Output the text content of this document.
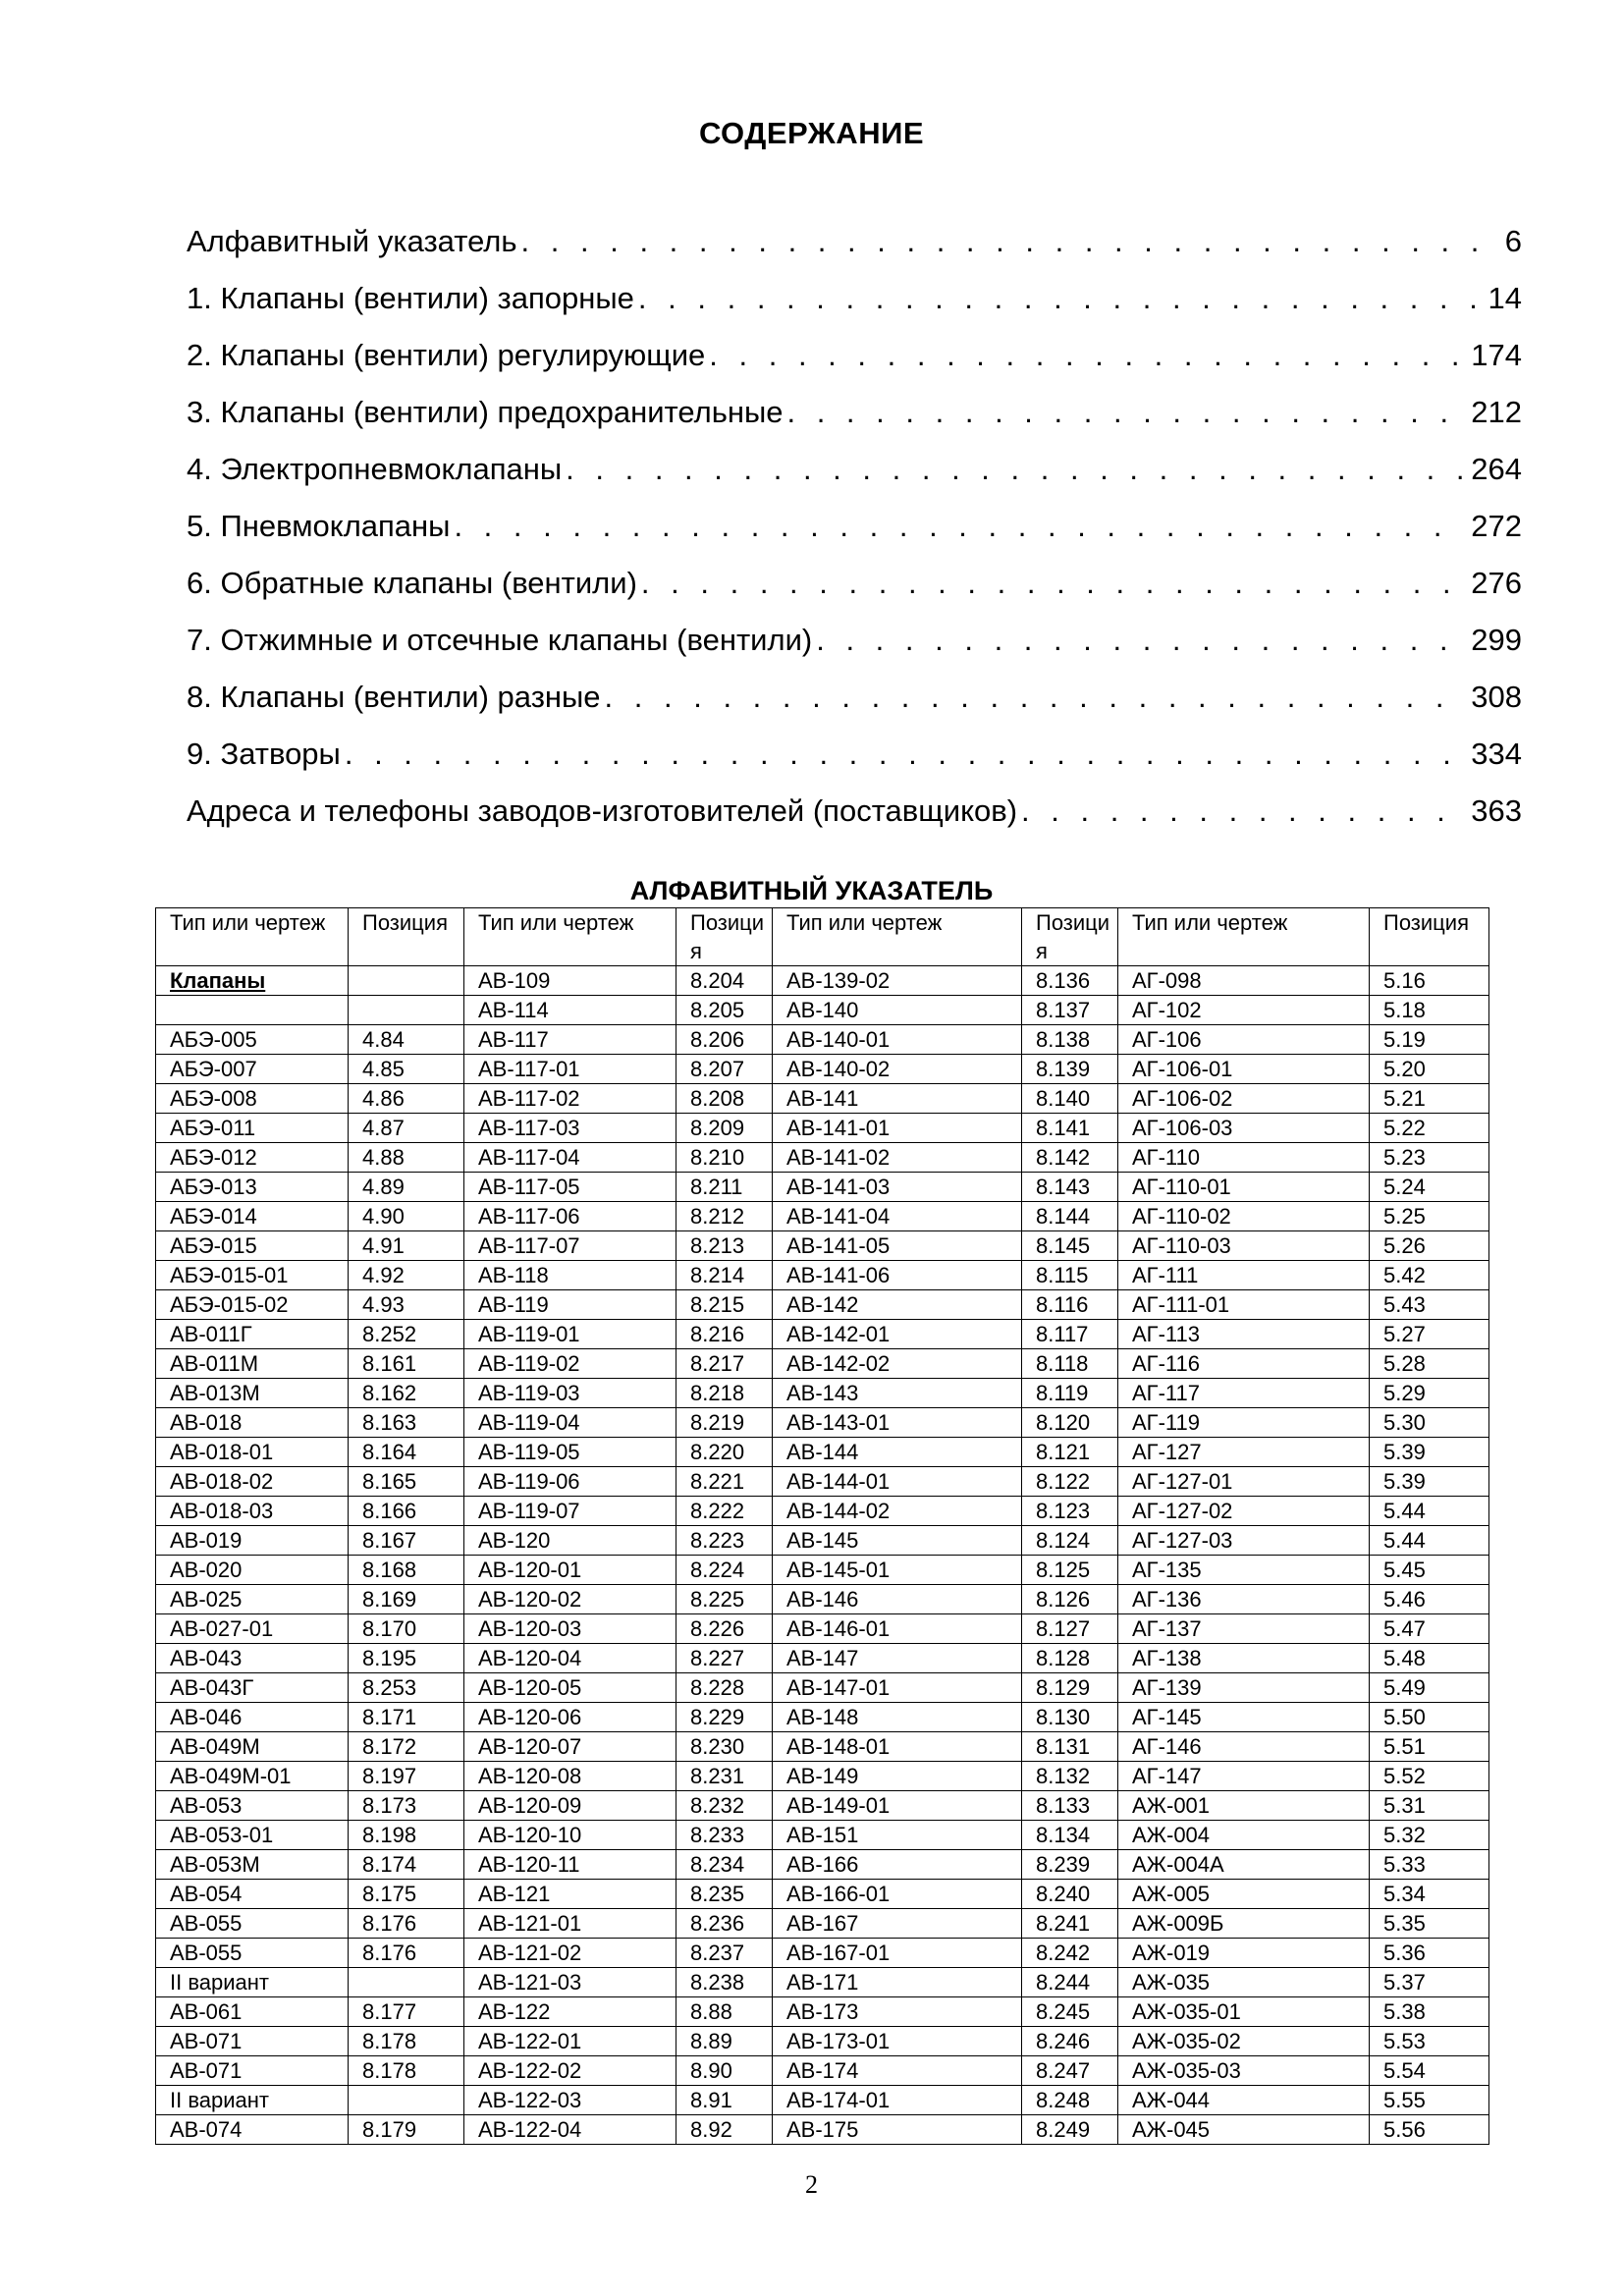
СОДЕРЖАНИЕ
Алфавитный указатель . . .	6
1. Клапаны (вентили) запорные . . .	14
2. Клапаны (вентили) регулирующие . . .	174
3. Клапаны (вентили) предохранительные . . .	212
4. Электропневмоклапаны . . .	264
5. Пневмоклапаны . . .	272
6. Обратные клапаны (вентили) . . .	276
7. Отжимные и отсечные клапаны (вентили) . . .	299
8. Клапаны (вентили) разные . . .	308
9. Затворы . . .	334
Адреса и телефоны заводов-изготовителей (поставщиков) . . .	363
АЛФАВИТНЫЙ УКАЗАТЕЛЬ
Тип или чертеж	Позиция	Тип или чертеж	Позиция	Тип или чертеж	Позиция	Тип или чертеж	Позиция
Клапаны		АВ-109	8.204	АВ-139-02	8.136	АГ-098	5.16
		АВ-114	8.205	АВ-140	8.137	АГ-102	5.18
АБЭ-005	4.84	АВ-117	8.206	АВ-140-01	8.138	АГ-106	5.19
АБЭ-007	4.85	АВ-117-01	8.207	АВ-140-02	8.139	АГ-106-01	5.20
АБЭ-008	4.86	АВ-117-02	8.208	АВ-141	8.140	АГ-106-02	5.21
АБЭ-011	4.87	АВ-117-03	8.209	АВ-141-01	8.141	АГ-106-03	5.22
АБЭ-012	4.88	АВ-117-04	8.210	АВ-141-02	8.142	АГ-110	5.23
АБЭ-013	4.89	АВ-117-05	8.211	АВ-141-03	8.143	АГ-110-01	5.24
АБЭ-014	4.90	АВ-117-06	8.212	АВ-141-04	8.144	АГ-110-02	5.25
АБЭ-015	4.91	АВ-117-07	8.213	АВ-141-05	8.145	АГ-110-03	5.26
АБЭ-015-01	4.92	АВ-118	8.214	АВ-141-06	8.115	АГ-111	5.42
АБЭ-015-02	4.93	АВ-119	8.215	АВ-142	8.116	АГ-111-01	5.43
АВ-011Г	8.252	АВ-119-01	8.216	АВ-142-01	8.117	АГ-113	5.27
АВ-011М	8.161	АВ-119-02	8.217	АВ-142-02	8.118	АГ-116	5.28
АВ-013М	8.162	АВ-119-03	8.218	АВ-143	8.119	АГ-117	5.29
АВ-018	8.163	АВ-119-04	8.219	АВ-143-01	8.120	АГ-119	5.30
АВ-018-01	8.164	АВ-119-05	8.220	АВ-144	8.121	АГ-127	5.39
АВ-018-02	8.165	АВ-119-06	8.221	АВ-144-01	8.122	АГ-127-01	5.39
АВ-018-03	8.166	АВ-119-07	8.222	АВ-144-02	8.123	АГ-127-02	5.44
АВ-019	8.167	АВ-120	8.223	АВ-145	8.124	АГ-127-03	5.44
АВ-020	8.168	АВ-120-01	8.224	АВ-145-01	8.125	АГ-135	5.45
АВ-025	8.169	АВ-120-02	8.225	АВ-146	8.126	АГ-136	5.46
АВ-027-01	8.170	АВ-120-03	8.226	АВ-146-01	8.127	АГ-137	5.47
АВ-043	8.195	АВ-120-04	8.227	АВ-147	8.128	АГ-138	5.48
АВ-043Г	8.253	АВ-120-05	8.228	АВ-147-01	8.129	АГ-139	5.49
АВ-046	8.171	АВ-120-06	8.229	АВ-148	8.130	АГ-145	5.50
АВ-049М	8.172	АВ-120-07	8.230	АВ-148-01	8.131	АГ-146	5.51
АВ-049М-01	8.197	АВ-120-08	8.231	АВ-149	8.132	АГ-147	5.52
АВ-053	8.173	АВ-120-09	8.232	АВ-149-01	8.133	АЖ-001	5.31
АВ-053-01	8.198	АВ-120-10	8.233	АВ-151	8.134	АЖ-004	5.32
АВ-053М	8.174	АВ-120-11	8.234	АВ-166	8.239	АЖ-004А	5.33
АВ-054	8.175	АВ-121	8.235	АВ-166-01	8.240	АЖ-005	5.34
АВ-055	8.176	АВ-121-01	8.236	АВ-167	8.241	АЖ-009Б	5.35
АВ-055	8.176	АВ-121-02	8.237	АВ-167-01	8.242	АЖ-019	5.36
II вариант		АВ-121-03	8.238	АВ-171	8.244	АЖ-035	5.37
АВ-061	8.177	АВ-122	8.88	АВ-173	8.245	АЖ-035-01	5.38
АВ-071	8.178	АВ-122-01	8.89	АВ-173-01	8.246	АЖ-035-02	5.53
АВ-071	8.178	АВ-122-02	8.90	АВ-174	8.247	АЖ-035-03	5.54
II вариант		АВ-122-03	8.91	АВ-174-01	8.248	АЖ-044	5.55
АВ-074	8.179	АВ-122-04	8.92	АВ-175	8.249	АЖ-045	5.56
2
